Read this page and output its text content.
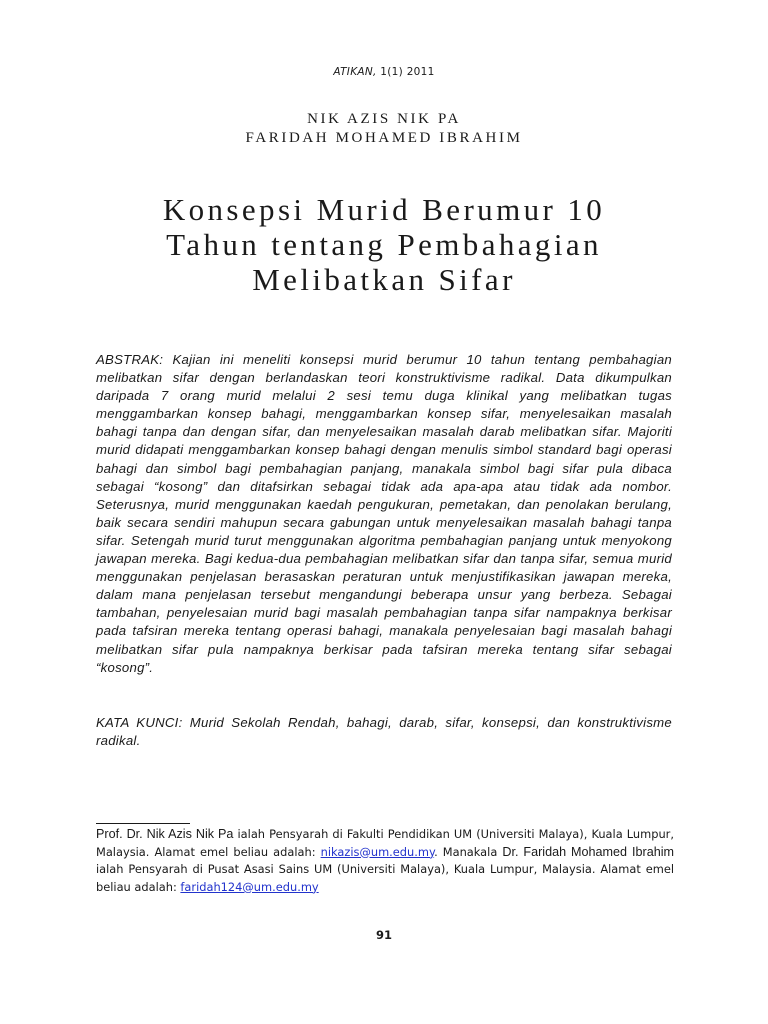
ATIKAN, 1(1) 2011
NIK AZIS NIK PA
FARIDAH MOHAMED IBRAHIM
Konsepsi Murid Berumur 10
Tahun tentang Pembahagian
Melibatkan Sifar

ABSTRAK: Kajian ini meneliti konsepsi murid berumur 10 tahun tentang pembahagian melibatkan sifar dengan berlandaskan teori konstruktivisme radikal. Data dikumpulkan daripada 7 orang murid melalui 2 sesi temu duga klinikal yang melibatkan tugas menggambarkan konsep bahagi, menggambarkan konsep sifar, menyelesaikan masalah bahagi tanpa dan dengan sifar, dan menyelesaikan masalah darab melibatkan sifar. Majoriti murid didapati menggambarkan konsep bahagi dengan menulis simbol standard bagi operasi bahagi dan simbol bagi pembahagian panjang, manakala simbol bagi sifar pula dibaca sebagai “kosong” dan ditafsirkan sebagai tidak ada apa-apa atau tidak ada nombor. Seterusnya, murid menggunakan kaedah pengukuran, pemetakan, dan penolakan berulang, baik secara sendiri mahupun secara gabungan untuk menyelesaikan masalah bahagi tanpa sifar. Setengah murid turut menggunakan algoritma pembahagian panjang untuk menyokong jawapan mereka. Bagi kedua-dua pembahagian melibatkan sifar dan tanpa sifar, semua murid menggunakan penjelasan berasaskan peraturan untuk menjustifikasikan jawapan mereka, dalam mana penjelasan tersebut mengandungi beberapa unsur yang berbeza. Sebagai tambahan, penyelesaian murid bagi masalah pembahagian tanpa sifar nampaknya berkisar pada tafsiran mereka tentang operasi bahagi, manakala penyelesaian bagi masalah bahagi melibatkan sifar pula nampaknya berkisar pada tafsiran mereka tentang sifar sebagai “kosong”.

KATA KUNCI: Murid Sekolah Rendah, bahagi, darab, sifar, konsepsi, dan konstruktivisme radikal.

Prof. Dr. Nik Azis Nik Pa ialah Pensyarah di Fakulti Pendidikan UM (Universiti Malaya), Kuala Lumpur, Malaysia. Alamat emel beliau adalah: nikazis@um.edu.my. Manakala Dr. Faridah Mohamed Ibrahim ialah Pensyarah di Pusat Asasi Sains UM (Universiti Malaya), Kuala Lumpur, Malaysia. Alamat emel beliau adalah: faridah124@um.edu.my

91
